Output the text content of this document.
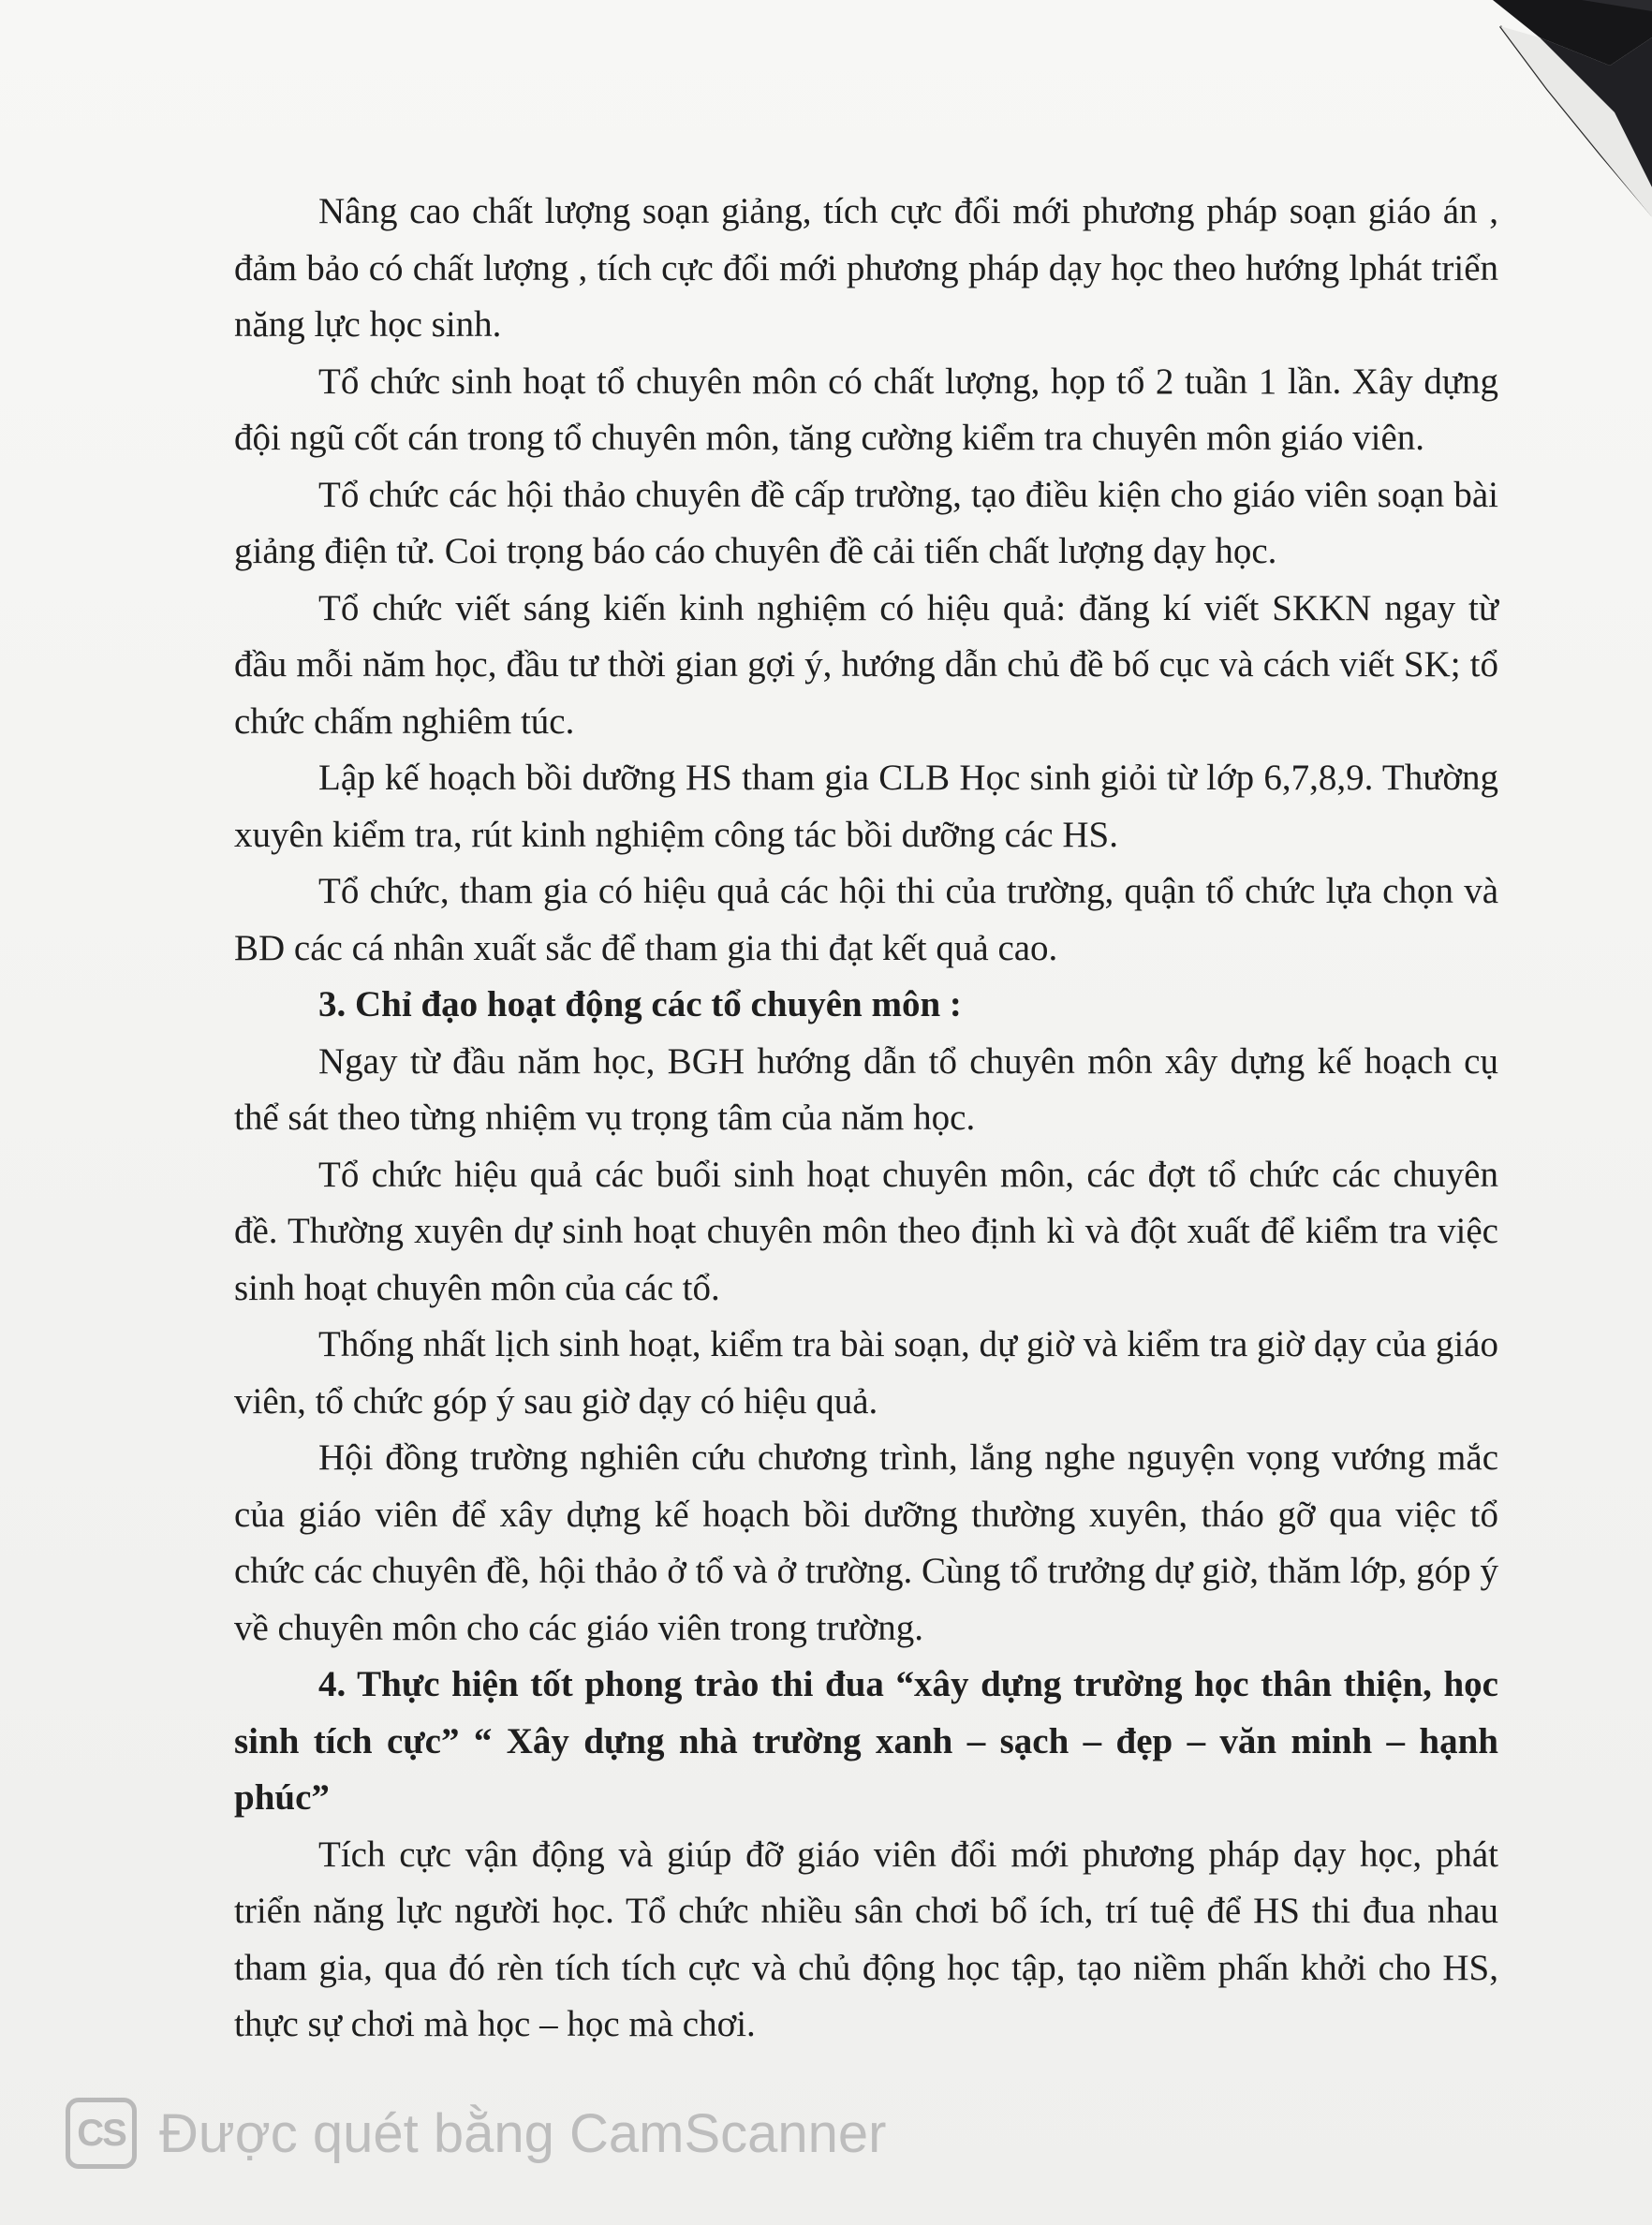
Nâng cao chất lượng soạn giảng, tích cực đổi mới phương pháp soạn giáo án , đảm bảo có chất lượng , tích cực đổi mới phương pháp dạy học theo hướng lphát triển năng lực học sinh.

Tổ chức sinh hoạt tổ chuyên môn có chất lượng, họp tổ 2 tuần 1 lần. Xây dựng đội ngũ cốt cán trong tổ chuyên môn, tăng cường kiểm tra chuyên môn giáo viên.

Tổ chức các hội thảo chuyên đề cấp trường, tạo điều kiện cho giáo viên soạn bài giảng điện tử. Coi trọng báo cáo chuyên đề cải tiến chất lượng dạy học.

Tổ chức viết sáng kiến kinh nghiệm có hiệu quả: đăng kí viết SKKN ngay từ đầu mỗi năm học, đầu tư thời gian gợi ý, hướng dẫn chủ đề bố cục và cách viết SK; tổ chức chấm nghiêm túc.

Lập kế hoạch bồi dưỡng HS tham gia CLB Học sinh giỏi từ lớp 6,7,8,9. Thường xuyên kiểm tra, rút kinh nghiệm công tác bồi dưỡng các HS.

Tổ chức, tham gia có hiệu quả các hội thi của trường, quận tổ chức lựa chọn và BD các cá nhân xuất sắc để tham gia thi đạt kết quả cao.

3. Chỉ đạo hoạt động các tổ chuyên môn :

Ngay từ đầu năm học, BGH hướng dẫn tổ chuyên môn xây dựng kế hoạch cụ thể sát theo từng nhiệm vụ trọng tâm của năm học.

Tổ chức hiệu quả các buổi sinh hoạt chuyên môn, các đợt tổ chức các chuyên đề. Thường xuyên dự sinh hoạt chuyên môn theo định kì và đột xuất để kiểm tra việc sinh hoạt chuyên môn của các tổ.

Thống nhất lịch sinh hoạt, kiểm tra bài soạn, dự giờ và kiểm tra giờ dạy của giáo viên, tổ chức góp ý sau giờ dạy có hiệu quả.

Hội đồng trường nghiên cứu chương trình, lắng nghe nguyện vọng vướng mắc của giáo viên để xây dựng kế hoạch bồi dưỡng thường xuyên, tháo gỡ qua việc tổ chức các chuyên đề, hội thảo ở tổ và ở trường. Cùng tổ trưởng dự giờ, thăm lớp, góp ý về chuyên môn cho các giáo viên trong trường.

4. Thực hiện tốt phong trào thi đua “xây dựng trường học thân thiện, học sinh tích cực” “ Xây dựng nhà trường xanh – sạch – đẹp – văn minh – hạnh phúc”

Tích cực vận động và giúp đỡ giáo viên đổi mới phương pháp dạy học, phát triển năng lực người học. Tổ chức nhiều sân chơi bổ ích, trí tuệ để HS thi đua nhau tham gia, qua đó rèn tích tích cực và chủ động học tập, tạo niềm phấn khởi cho HS, thực sự chơi mà học – học mà chơi.

CS Được quét bằng CamScanner
